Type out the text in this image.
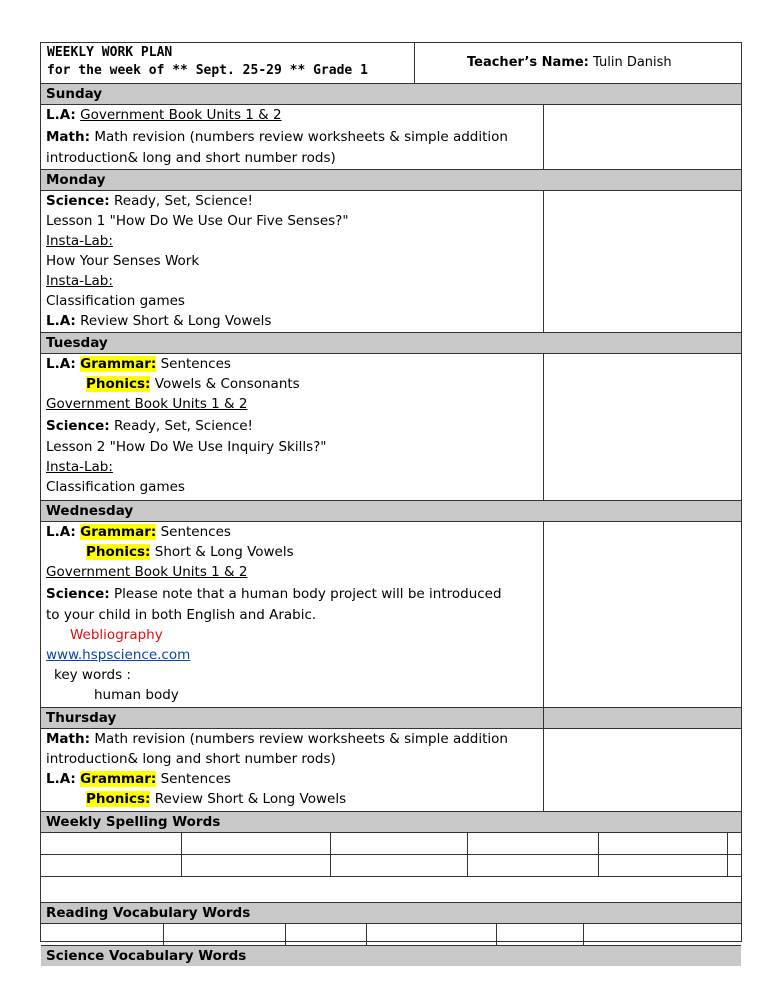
WEEKLY WORK PLAN
for the week of ** Sept. 25-29 ** Grade 1
Teacher’s Name: Tulin Danish
Sunday
L.A: Government Book Units 1 & 2
Math: Math revision (numbers review worksheets & simple addition
introduction& long and short number rods)
Monday
Science: Ready, Set, Science!
Lesson 1 "How Do We Use Our Five Senses?"
Insta-Lab:
How Your Senses Work
Insta-Lab:
Classification games
L.A: Review Short & Long Vowels
Tuesday
L.A: Grammar: Sentences
Phonics: Vowels & Consonants
Government Book Units 1 & 2
Science: Ready, Set, Science!
Lesson 2 "How Do We Use Inquiry Skills?"
Insta-Lab:
Classification games
Wednesday
L.A: Grammar: Sentences
Phonics: Short & Long Vowels
Government Book Units 1 & 2
Science: Please note that a human body project will be introduced
to your child in both English and Arabic.
Webliography
www.hspscience.com
key words :
human body
Thursday
Math: Math revision (numbers review worksheets & simple addition
introduction& long and short number rods)
L.A: Grammar: Sentences
Phonics: Review Short & Long Vowels
Weekly Spelling Words
Reading Vocabulary Words
Science Vocabulary Words
